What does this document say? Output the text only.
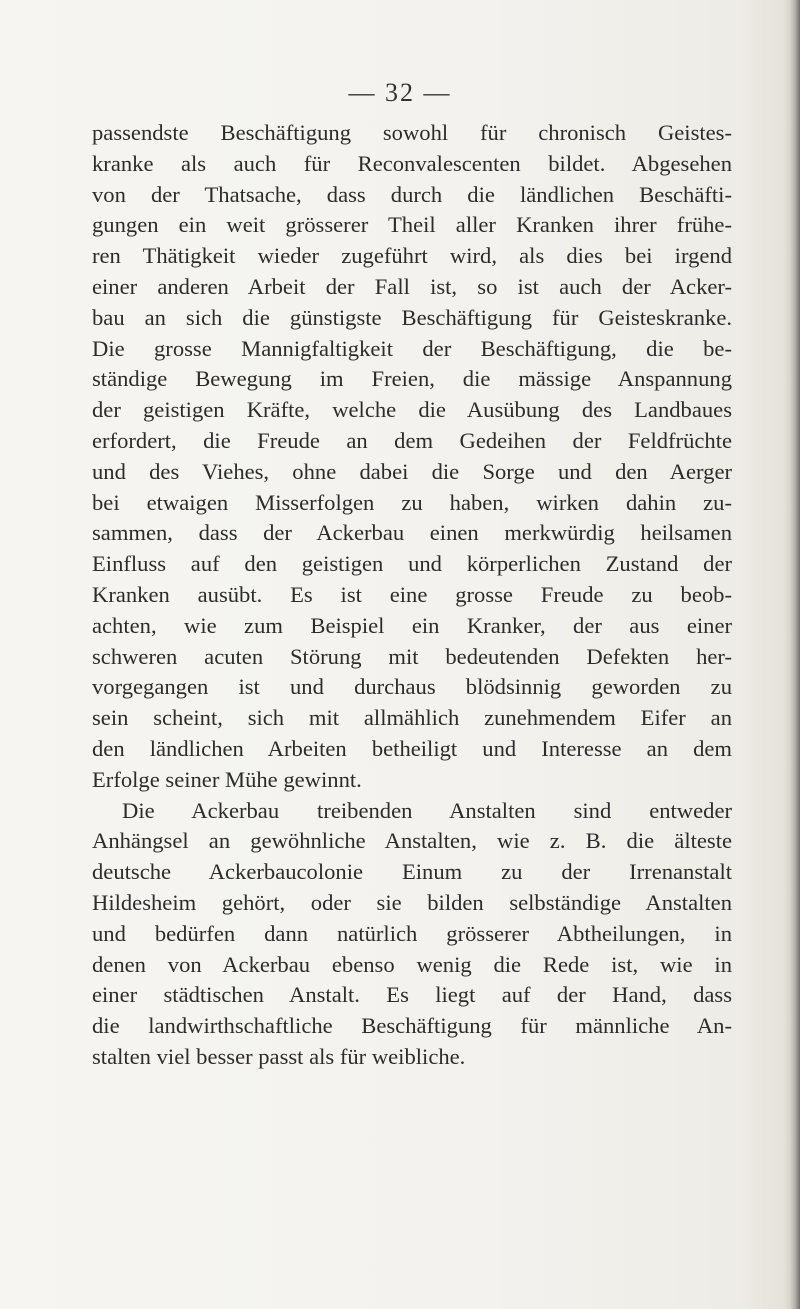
— 32 —
passendste Beschäftigung sowohl für chronisch Geistes-
kranke als auch für Reconvalescenten bildet. Abgesehen
von der Thatsache, dass durch die ländlichen Beschäfti-
gungen ein weit grösserer Theil aller Kranken ihrer frühe-
ren Thätigkeit wieder zugeführt wird, als dies bei irgend
einer anderen Arbeit der Fall ist, so ist auch der Acker-
bau an sich die günstigste Beschäftigung für Geisteskranke.
Die grosse Mannigfaltigkeit der Beschäftigung, die be-
ständige Bewegung im Freien, die mässige Anspannung
der geistigen Kräfte, welche die Ausübung des Landbaues
erfordert, die Freude an dem Gedeihen der Feldfrüchte
und des Viehes, ohne dabei die Sorge und den Aerger
bei etwaigen Misserfolgen zu haben, wirken dahin zu-
sammen, dass der Ackerbau einen merkwürdig heilsamen
Einfluss auf den geistigen und körperlichen Zustand der
Kranken ausübt. Es ist eine grosse Freude zu beob-
achten, wie zum Beispiel ein Kranker, der aus einer
schweren acuten Störung mit bedeutenden Defekten her-
vorgegangen ist und durchaus blödsinnig geworden zu
sein scheint, sich mit allmählich zunehmendem Eifer an
den ländlichen Arbeiten betheiligt und Interesse an dem
Erfolge seiner Mühe gewinnt.
Die Ackerbau treibenden Anstalten sind entweder
Anhängsel an gewöhnliche Anstalten, wie z. B. die älteste
deutsche Ackerbaucolonie Einum zu der Irrenanstalt
Hildesheim gehört, oder sie bilden selbständige Anstalten
und bedürfen dann natürlich grösserer Abtheilungen, in
denen von Ackerbau ebenso wenig die Rede ist, wie in
einer städtischen Anstalt. Es liegt auf der Hand, dass
die landwirthschaftliche Beschäftigung für männliche An-
stalten viel besser passt als für weibliche.
